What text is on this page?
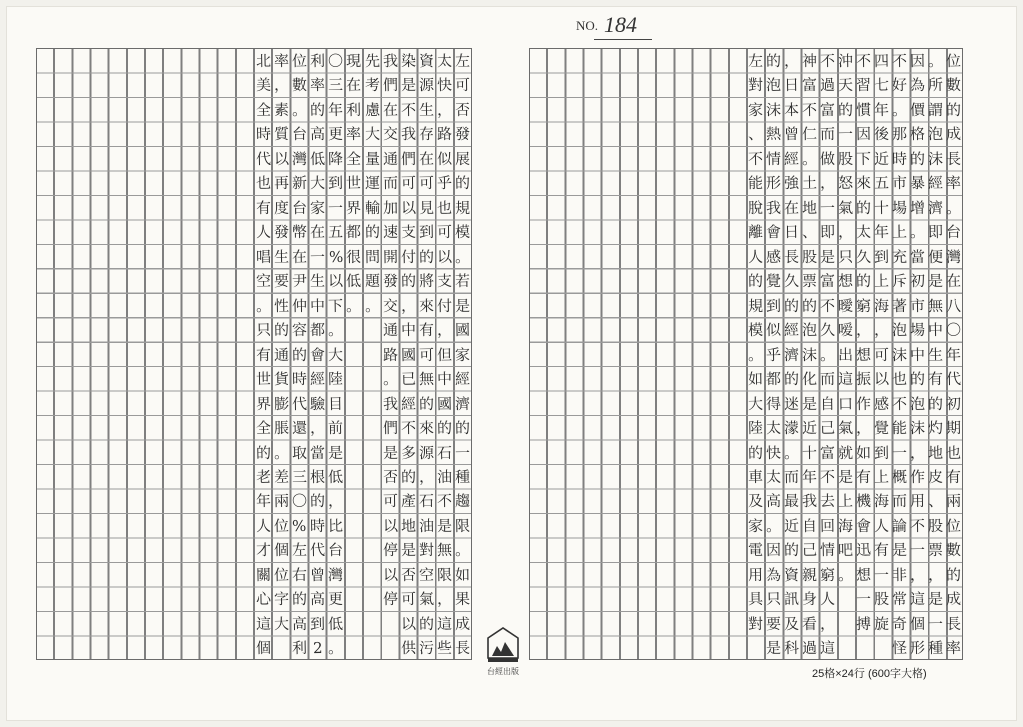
左
可
否
發
展
的
規
模
。
若
是
國
家
經
濟
的
一
種
趨
限
。
如
果
成
長
太
快
，
路
似
乎
也
可
以
支
付
，
但
中
國
的
石
油
不
是
無
限
，
這
些
資
源
生
存
在
可
見
到
的
將
來
有
可
無
的
來
源
，
石
油
對
空
氣
的
污
染
是
不
我
們
可
以
支
付
的
，
中
國
已
經
不
多
的
產
地
是
否
可
以
供
我
們
在
交
通
而
加
速
開
發
交
通
路
。
我
們
是
否
可
以
停
以
停
先
考
慮
大
量
運
輸
的
問
題
。
現
在
利
率
全
世
界
都
很
低
。
〇
三
年
更
降
到
一
五
%
以
下
。
大
陸
目
前
是
低
，
比
台
灣
更
低
。
利
率
的
高
低
大
家
在
一
生
中
都
會
經
驗
，
當
根
的
時
代
曾
高
到
2
位
數
。
台
灣
新
台
幣
在
尹
仲
容
的
時
代
還
取
三
〇
%
左
右
的
高
利
率
，
素
質
以
再
度
發
生
要
性
的
通
貨
膨
脹
。
差
兩
位
個
位
字
大
北
美
全
時
代
也
有
人
唱
空
。
只
有
世
界
全
的
老
年
人
才
關
心
這
個
NO. 184
位
數
的
成
長
率
。
台
灣
在
八
〇
年
代
初
期
也
有
兩
位
數
的
成
長
率
。
所
謂
泡
沫
經
濟
即
便
是
無
中
生
有
的
灼
地
皮
、
股
票
，
是
一
種
因
為
價
格
的
暴
增
。
當
初
市
場
中
的
泡
沫
，
作
用
不
一
，
這
個
形
不
好
。
那
時
市
場
上
充
斥
著
泡
沫
也
不
能
一
概
而
論
是
非
常
奇
怪
四
七
年
後
近
五
十
年
到
上
海
，
可
以
感
覺
到
上
海
人
有
一
股
旋
不
習
慣
因
下
來
的
太
久
的
窮
，
想
振
作
，
如
有
機
會
迅
想
一
搏
沖
天
的
一
股
怒
氣
，
只
想
曖
嗳
出
這
口
氣
就
是
上
海
吧
。
不
過
富
而
做
，
一
即
是
富
不
久
。
而
自
己
富
不
去
回
情
窮
人
，
這
神
富
不
仁
。
土
地
、
股
票
的
泡
沫
化
是
近
十
年
我
自
己
親
身
看
過
，
日
本
曾
經
強
在
日
長
久
的
經
濟
的
迷
濛
。
而
最
近
的
資
訊
及
科
的
泡
沫
熱
情
形
我
會
感
覺
到
似
乎
都
得
太
快
太
高
。
因
為
只
要
是
左
對
家
、
不
能
脫
離
人
的
規
模
。
如
大
陸
的
車
及
家
電
用
具
對
台經出版	25格×24行 (600字大格)
